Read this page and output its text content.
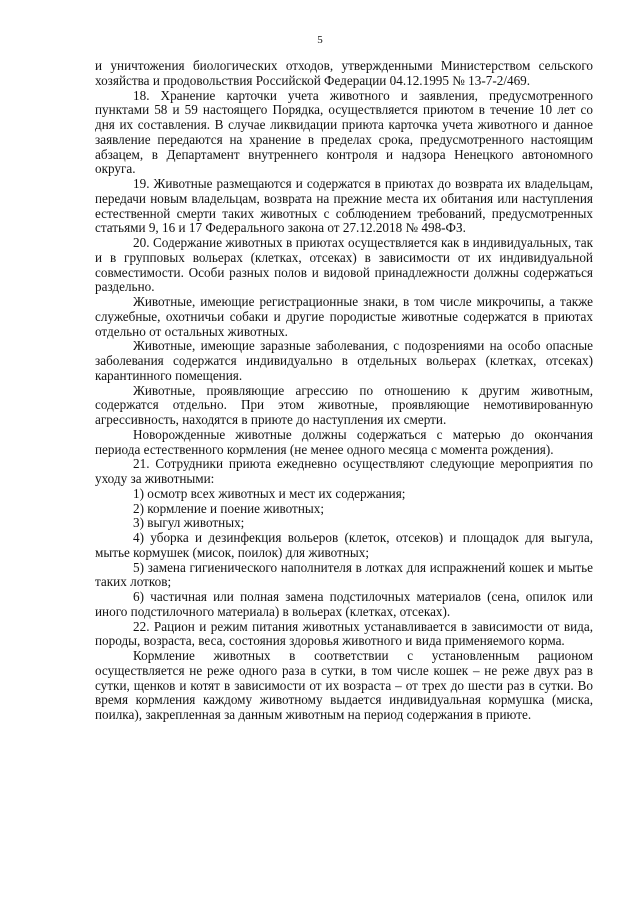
5

и уничтожения биологических отходов, утвержденными Министерством сельского хозяйства и продовольствия Российской Федерации 04.12.1995 № 13-7-2/469.

18. Хранение карточки учета животного и заявления, предусмотренного пунктами 58 и 59 настоящего Порядка, осуществляется приютом в течение 10 лет со дня их составления. В случае ликвидации приюта карточка учета животного и данное заявление передаются на хранение в пределах срока, предусмотренного настоящим абзацем, в Департамент внутреннего контроля и надзора Ненецкого автономного округа.

19. Животные размещаются и содержатся в приютах до возврата их владельцам, передачи новым владельцам, возврата на прежние места их обитания или наступления естественной смерти таких животных с соблюдением требований, предусмотренных статьями 9, 16 и 17 Федерального закона от 27.12.2018 № 498-ФЗ.

20. Содержание животных в приютах осуществляется как в индивидуальных, так и в групповых вольерах (клетках, отсеках) в зависимости от их индивидуальной совместимости. Особи разных полов и видовой принадлежности должны содержаться раздельно.

Животные, имеющие регистрационные знаки, в том числе микрочипы, а также служебные, охотничьи собаки и другие породистые животные содержатся в приютах отдельно от остальных животных.

Животные, имеющие заразные заболевания, с подозрениями на особо опасные заболевания содержатся индивидуально в отдельных вольерах (клетках, отсеках) карантинного помещения.

Животные, проявляющие агрессию по отношению к другим животным, содержатся отдельно. При этом животные, проявляющие немотивированную агрессивность, находятся в приюте до наступления их смерти.

Новорожденные животные должны содержаться с матерью до окончания периода естественного кормления (не менее одного месяца с момента рождения).

21. Сотрудники приюта ежедневно осуществляют следующие мероприятия по уходу за животными:

1) осмотр всех животных и мест их содержания;

2) кормление и поение животных;

3) выгул животных;

4) уборка и дезинфекция вольеров (клеток, отсеков) и площадок для выгула, мытье кормушек (мисок, поилок) для животных;

5) замена гигиенического наполнителя в лотках для испражнений кошек и мытье таких лотков;

6) частичная или полная замена подстилочных материалов (сена, опилок или иного подстилочного материала) в вольерах (клетках, отсеках).

22. Рацион и режим питания животных устанавливается в зависимости от вида, породы, возраста, веса, состояния здоровья животного и вида применяемого корма.

Кормление животных в соответствии с установленным рационом осуществляется не реже одного раза в сутки, в том числе кошек – не реже двух раз в сутки, щенков и котят в зависимости от их возраста – от трех до шести раз в сутки. Во время кормления каждому животному выдается индивидуальная кормушка (миска, поилка), закрепленная за данным животным на период содержания в приюте.
